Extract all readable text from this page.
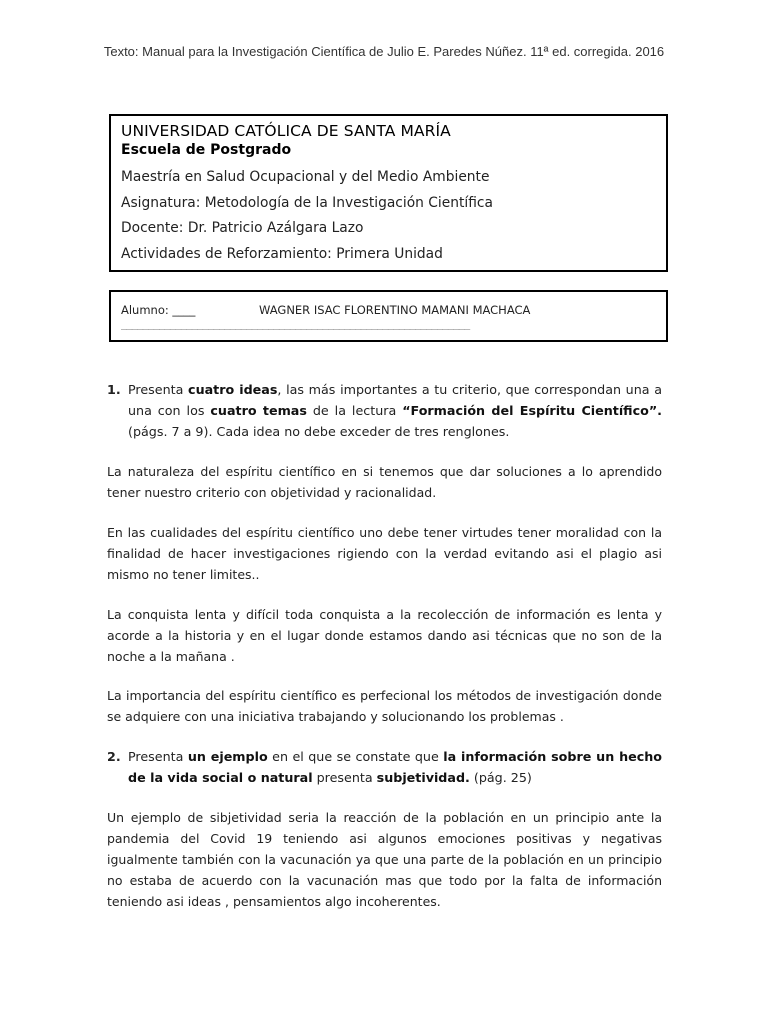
Texto: Manual para la Investigación Científica de Julio E. Paredes Núñez. 11ª ed. corregida. 2016
UNIVERSIDAD CATÓLICA DE SANTA MARÍA
Escuela de Postgrado
Maestría en Salud Ocupacional y del Medio Ambiente
Asignatura: Metodología de la Investigación Científica
Docente: Dr. Patricio Azálgara Lazo
Actividades de Reforzamiento: Primera Unidad
Alumno: ____	WAGNER ISAC FLORENTINO MAMANI MACHACA
________________________________________________________________
1. Presenta cuatro ideas, las más importantes a tu criterio, que correspondan una a una con los cuatro temas de la lectura “Formación del Espíritu Científico”. (págs. 7 a 9). Cada idea no debe exceder de tres renglones.

La naturaleza del espíritu científico en si tenemos que dar soluciones a lo aprendido tener nuestro criterio con objetividad y racionalidad.

En las cualidades del espíritu científico uno debe tener virtudes tener moralidad con la finalidad de hacer investigaciones rigiendo con la verdad evitando asi el plagio asi mismo no tener limites..

La conquista lenta y difícil toda conquista a la recolección de información es lenta y acorde a la historia y en el lugar donde estamos dando asi técnicas que no son de la noche a la mañana .

La importancia del espíritu científico es perfecional los métodos de investigación donde se adquiere con una iniciativa trabajando y solucionando los problemas .

2. Presenta un ejemplo en el que se constate que la información sobre un hecho de la vida social o natural presenta subjetividad. (pág. 25)

Un ejemplo de sibjetividad seria la reacción de la población en un principio ante la pandemia del Covid 19 teniendo asi algunos emociones positivas y negativas igualmente también con la vacunación ya que una parte de la población en un principio no estaba de acuerdo con la vacunación mas que todo por la falta de información teniendo asi ideas , pensamientos algo incoherentes.
